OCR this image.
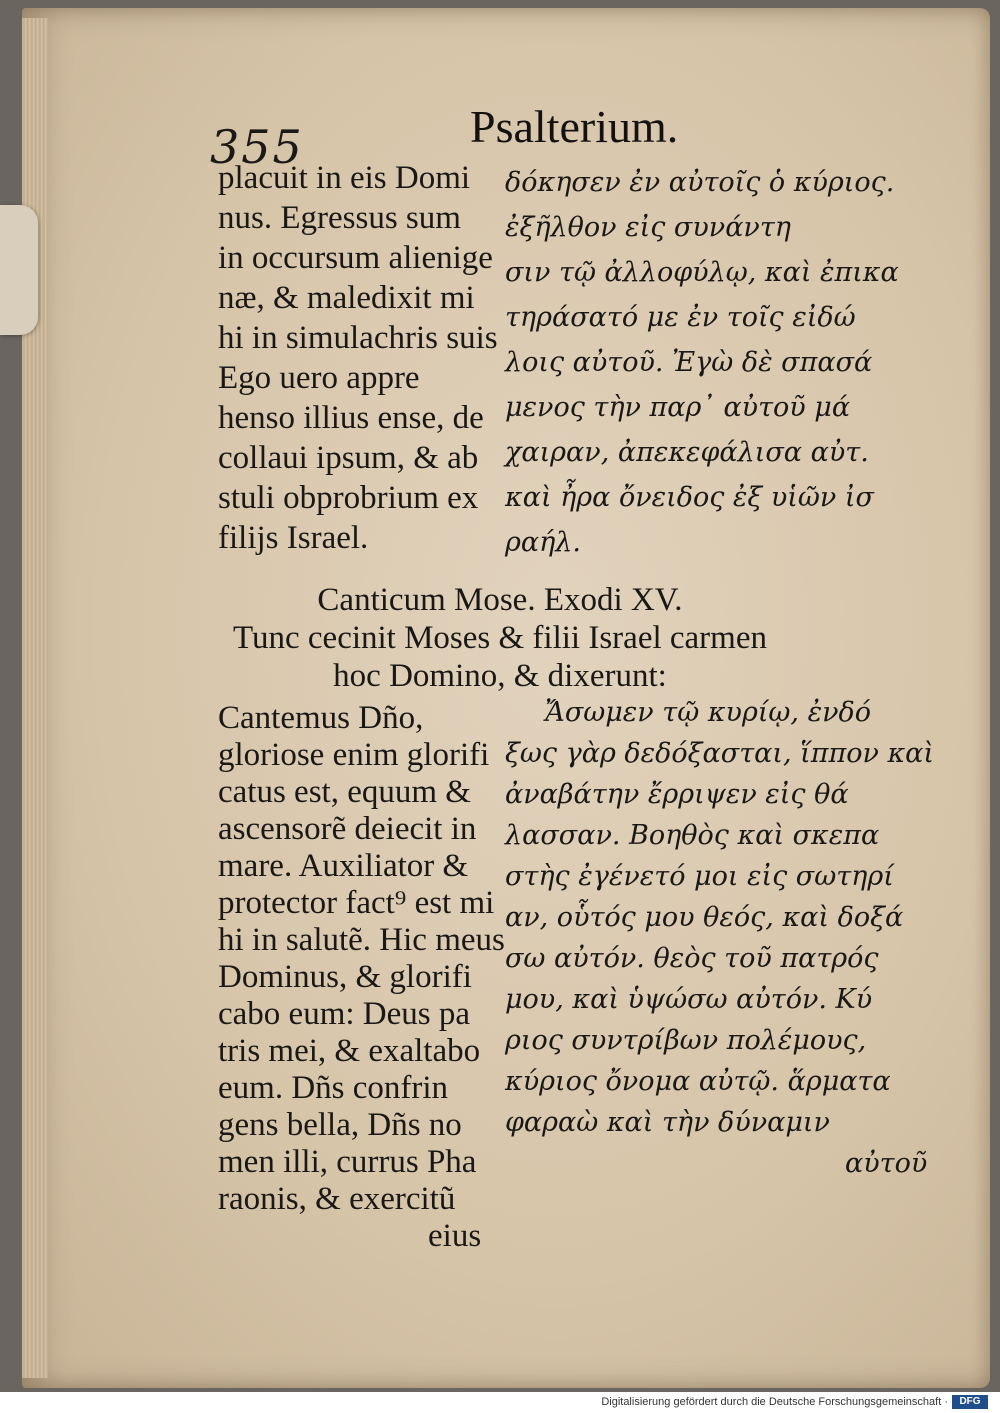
355	Psalterium.
placuit in eis Domi
nus. Egressus sum
in occursum alienige
næ, & maledixit mi
hi in simulachris suis
Ego uero appre
henso illius ense, de
collaui ipsum, & ab
stuli obprobrium ex
filijs Israel.
δόκησεν ἐν αὐτοῖς ὁ κύριος.
ἐξῆλθον εἰς συνάντη
σιν τῷ ἀλλοφύλῳ, καὶ ἐπικα
τηράσατό με ἐν τοῖς εἰδώ
λοις αὐτοῦ. Ἐγὼ δὲ σπασά
μενος τὴν παρ᾽ αὐτοῦ μά
χαιραν, ἀπεκεφάλισα αὐτ.
καὶ ἦρα ὄνειδος ἐξ υἱῶν ἰσ
ραήλ.
Canticum Mose. Exodi XV.
Tunc cecinit Moses & filii Israel carmen
hoc Domino, & dixerunt:
Cantemus Dño,
gloriose enim glorifi
catus est, equum &
ascensorẽ deiecit in
mare. Auxiliator &
protector fact⁹ est mi
hi in salutẽ. Hic meus
Dominus, & glorifi
cabo eum: Deus pa
tris mei, & exaltabo
eum. Dñs confrin
gens bella, Dñs no
men illi, currus Pha
raonis, & exercitũ
eius
Ἄσωμεν τῷ κυρίῳ, ἐνδό
ξως γὰρ δεδόξασται, ἵππον καὶ
ἀναβάτην ἔρριψεν εἰς θά
λασσαν. Βοηθὸς καὶ σκεπα
στὴς ἐγένετό μοι εἰς σωτηρί
αν, οὗτός μου θεός, καὶ δοξά
σω αὐτόν. θεὸς τοῦ πατρός
μου, καὶ ὑψώσω αὐτόν. Κύ
ριος συντρίβων πολέμους,
κύριος ὄνομα αὐτῷ. ἅρματα
φαραὼ καὶ τὴν δύναμιν
αὐτοῦ
Digitalisierung gefördert durch die Deutsche Forschungsgemeinschaft ·	DFG
